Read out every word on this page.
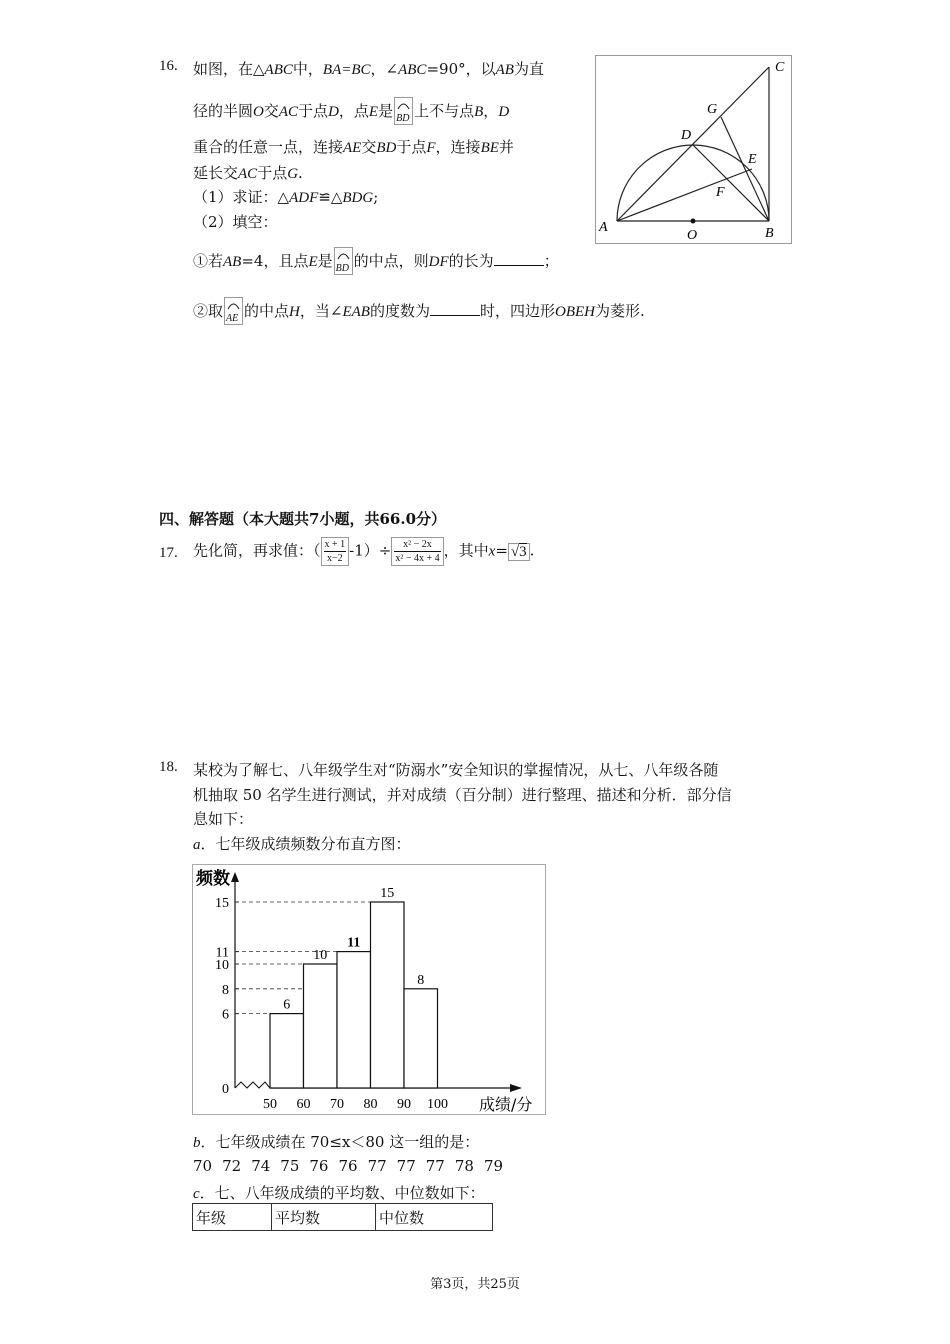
16. 如图，在△ABC中，BA=BC，∠ABC=90°，以AB为直
径的半圆O交AC于点D，点E是 BD 上不与点B，D
重合的任意一点，连接AE交BD于点F，连接BE并
延长交AC于点G.
（1）求证：△ADF≌△BDG;
（2）填空：
①若AB=4，且点E是 BD 的中点，则DF的长为	；
②取 AE 的中点H，当∠EAB的度数为	时，四边形OBEH为菱形.
A
O	B
C
D
G
E
F
四、解答题（本大题共7小题，共66.0分）
17. 先化简，再求值：（ $\frac{x + 1}{x-2} -1)\div \frac{\text{x² − 2x}}{\text{x² − 4x + 4}}$ ，其中x= √3 .
18. 某校为了解七、八年级学生对“防溺水”安全知识的掌握情况，从七、八年级各随
机抽取 50 名学生进行测试，并对成绩（百分制）进行整理、描述和分析．部分信
息如下：
a．七年级成绩频数分布直方图：
频数
成绩/分
0
6
8
10
11
15
50 60 70 80 90 100
6
10
11
15
8
b．七年级成绩在 70≤x＜80 这一组的是：
70 72 74 75 76 76 77 77 77 78 79
c．七、八年级成绩的平均数、中位数如下：
年级	平均数	中位数
第3页，共25页
